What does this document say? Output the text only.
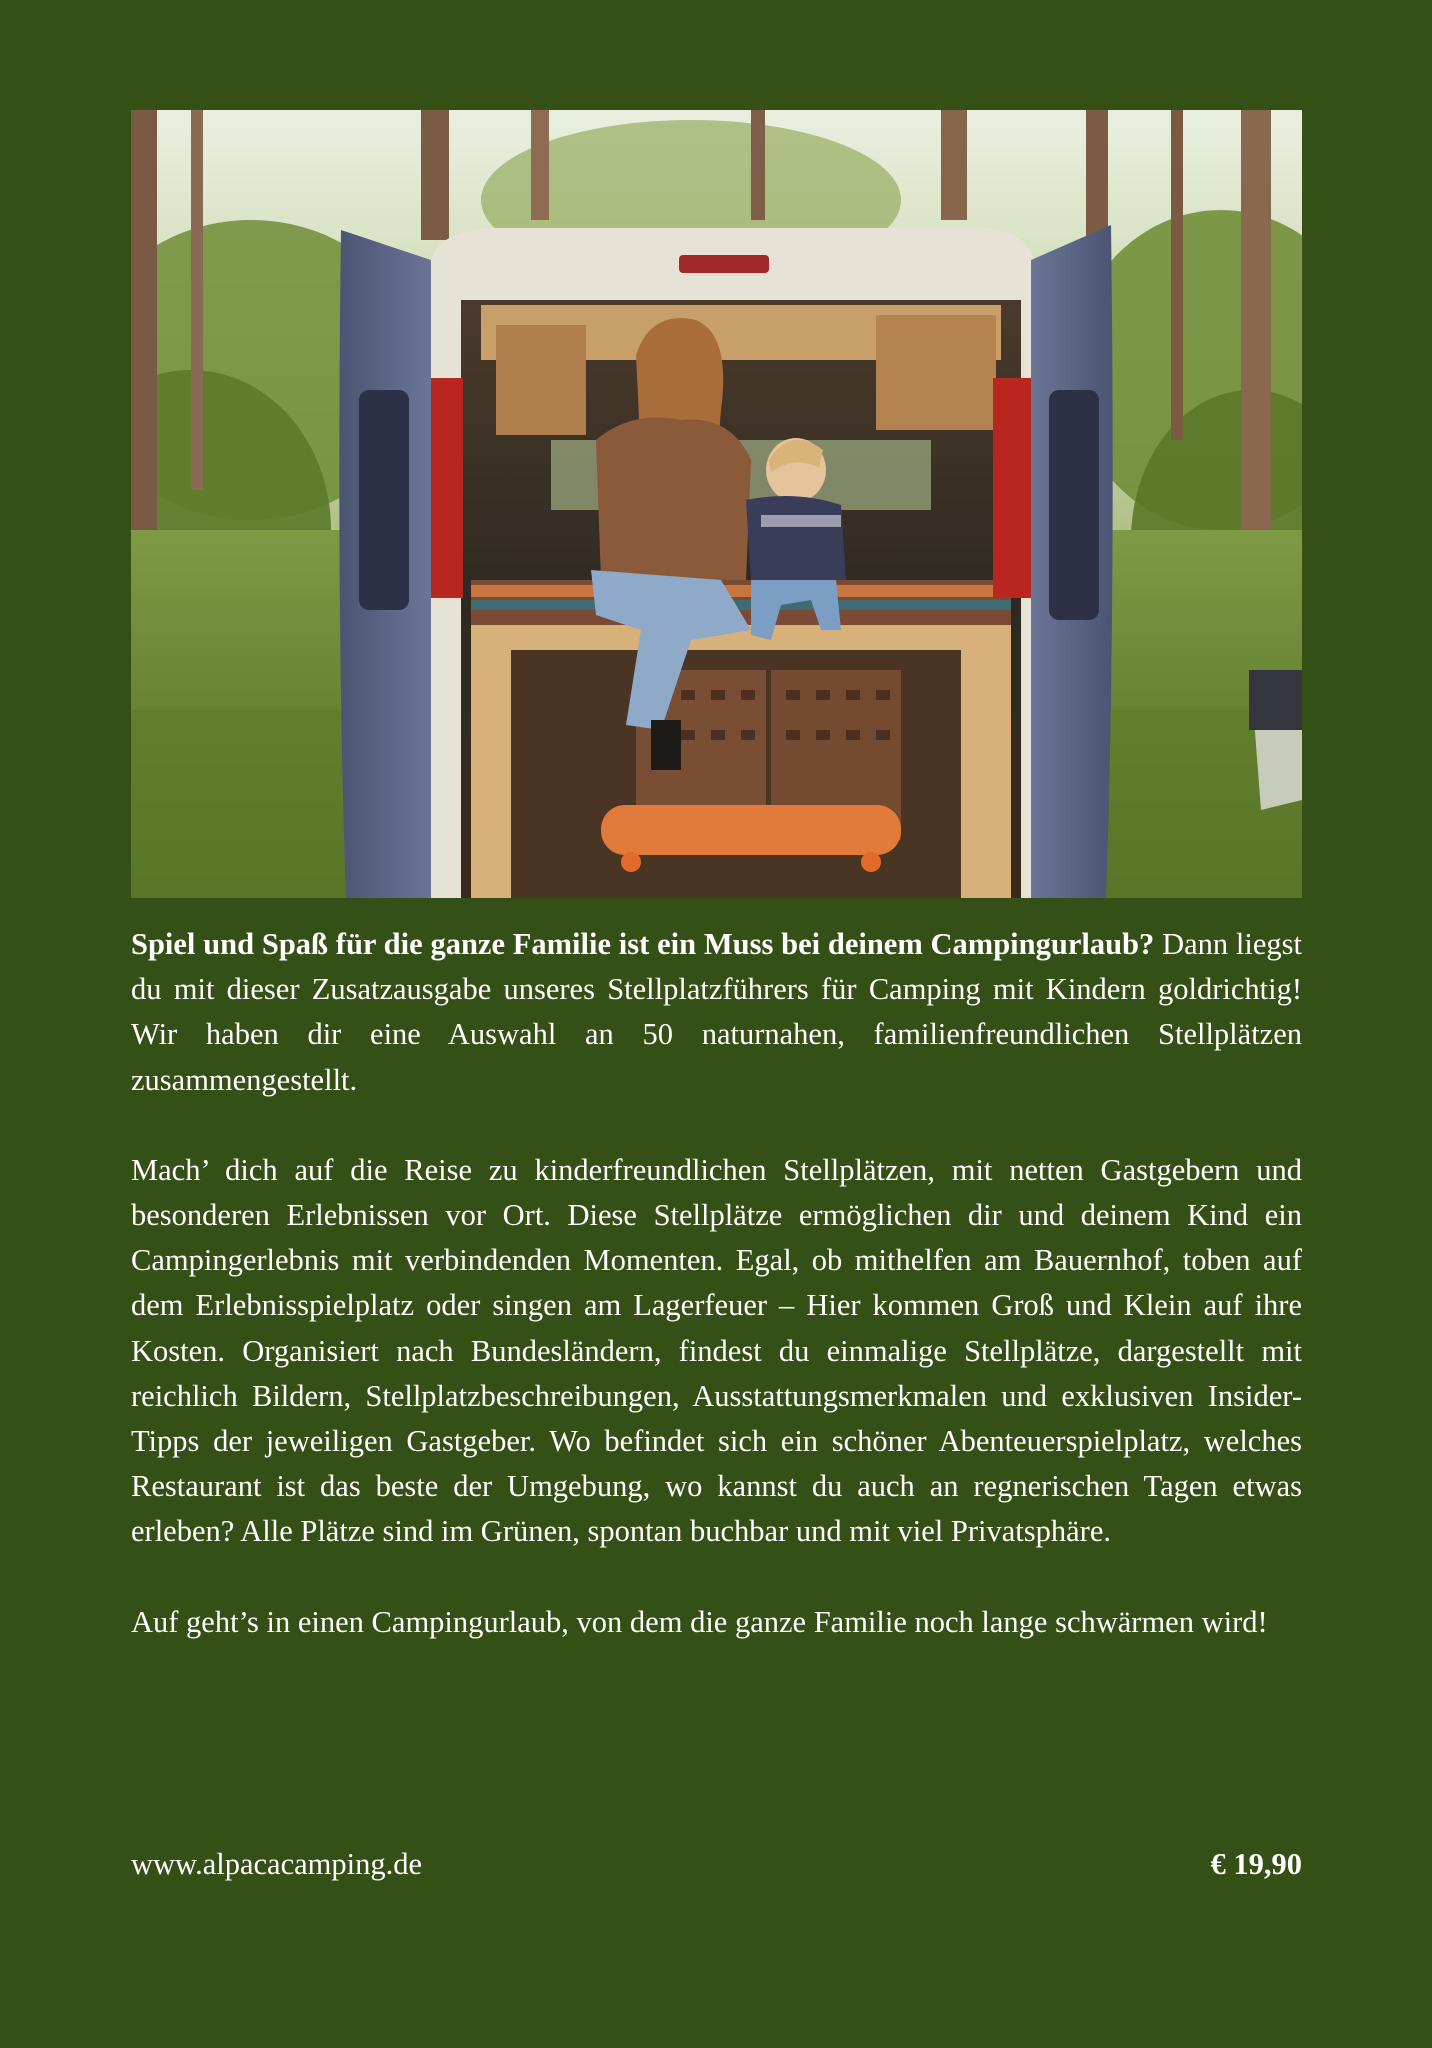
Spiel und Spaß für die ganze Familie ist ein Muss bei deinem Campingurlaub? Dann liegst du mit dieser Zusatzausgabe unseres Stellplatzführers für Camping mit Kindern goldrichtig! Wir haben dir eine Auswahl an 50 naturnahen, familienfreundlichen Stellplätzen zusammengestellt.

Mach’ dich auf die Reise zu kinderfreundlichen Stellplätzen, mit netten Gastgebern und besonderen Erlebnissen vor Ort. Diese Stellplätze ermöglichen dir und deinem Kind ein Campingerlebnis mit verbindenden Momenten. Egal, ob mithelfen am Bauernhof, toben auf dem Erlebnisspielplatz oder singen am Lagerfeuer – Hier kommen Groß und Klein auf ihre Kosten. Organisiert nach Bundesländern, findest du einmalige Stellplätze, dargestellt mit reichlich Bildern, Stellplatzbeschreibungen, Ausstattungsmerkmalen und exklusiven Insider-Tipps der jeweiligen Gastgeber. Wo befindet sich ein schöner Abenteuerspielplatz, welches Restaurant ist das beste der Umgebung, wo kannst du auch an regnerischen Tagen etwas erleben? Alle Plätze sind im Grünen, spontan buchbar und mit viel Privatsphäre.

Auf geht’s in einen Campingurlaub, von dem die ganze Familie noch lange schwärmen wird!

www.alpacacamping.de	€ 19,90
